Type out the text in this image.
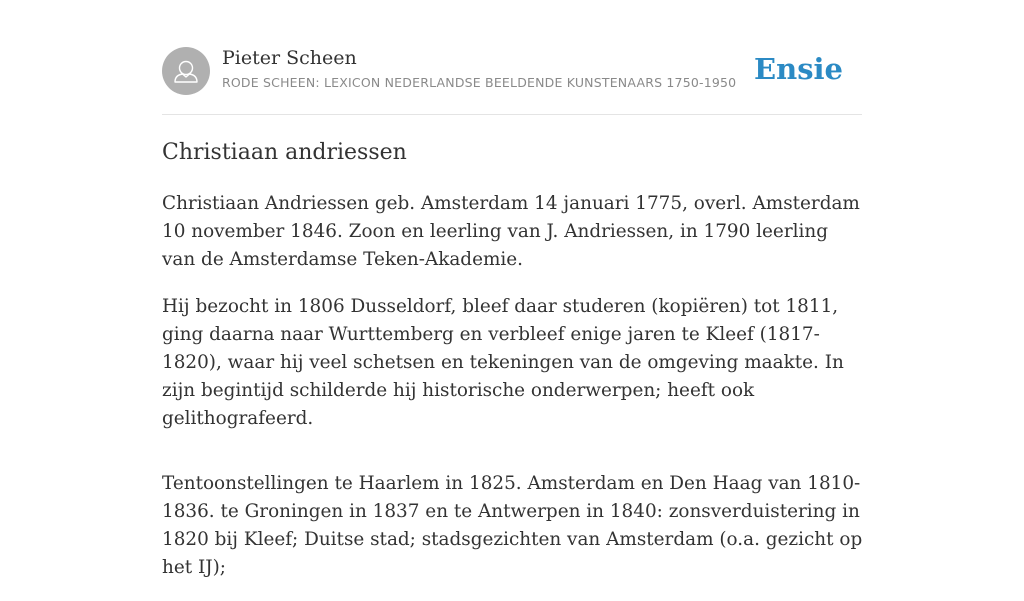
Pieter Scheen
RODE SCHEEN: LEXICON NEDERLANDSE BEELDENDE KUNSTENAARS 1750-1950 Ensie
Christiaan andriessen

Christiaan Andriessen geb. Amsterdam 14 januari 1775, overl. Amsterdam 10 november 1846. Zoon en leerling van J. Andriessen, in 1790 leerling van de Amsterdamse Teken-Akademie.

Hij bezocht in 1806 Dusseldorf, bleef daar studeren (kopiëren) tot 1811, ging daarna naar Wurttemberg en verbleef enige jaren te Kleef (1817-1820), waar hij veel schetsen en tekeningen van de omgeving maakte. In zijn begintijd schilderde hij historische onderwerpen; heeft ook gelithografeerd.

Tentoonstellingen te Haarlem in 1825. Amsterdam en Den Haag van 1810-1836. te Groningen in 1837 en te Antwerpen in 1840: zonsverduistering in 1820 bij Kleef; Duitse stad; stadsgezichten van Amsterdam (o.a. gezicht op het IJ);
